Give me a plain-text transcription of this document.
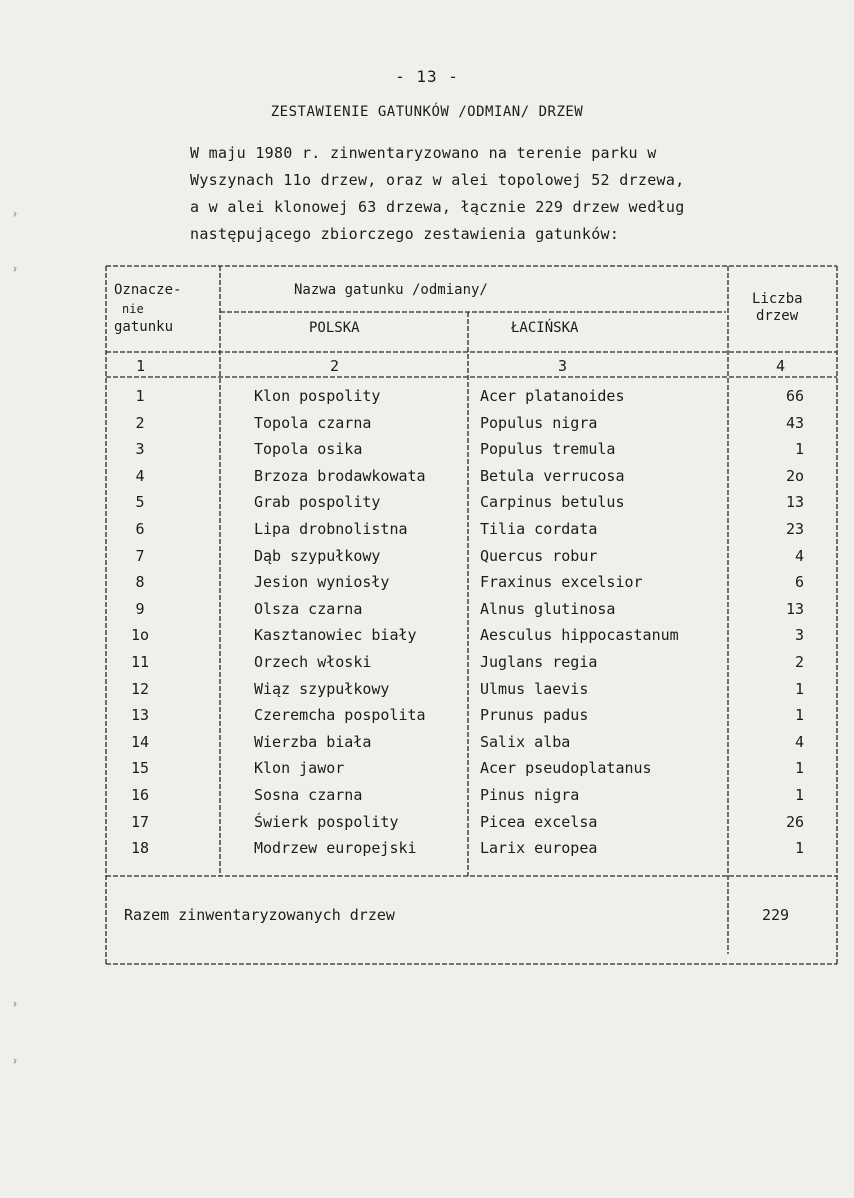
- 13 -
ZESTAWIENIE GATUNKÓW /ODMIAN/ DRZEW
W maju 1980 r. zinwentaryzowano na terenie parku w
Wyszynach 11o drzew, oraz w alei topolowej 52 drzewa,
a w alei klonowej 63 drzewa, łącznie 229 drzew według
następującego zbiorczego zestawienia gatunków:
Oznacze-
nie
gatunku
Nazwa gatunku /odmiany/
POLSKA	ŁACIŃSKA
Liczba
drzew
1	2	3	4
1	Klon pospolity	Acer platanoides	66
2	Topola czarna	Populus nigra	43
3	Topola osika	Populus tremula	1
4	Brzoza brodawkowata	Betula verrucosa	2o
5	Grab pospolity	Carpinus betulus	13
6	Lipa drobnolistna	Tilia cordata	23
7	Dąb szypułkowy	Quercus robur	4
8	Jesion wyniosły	Fraxinus excelsior	6
9	Olsza czarna	Alnus glutinosa	13
1o	Kasztanowiec biały	Aesculus hippocastanum	3
11	Orzech włoski	Juglans regia	2
12	Wiąz szypułkowy	Ulmus laevis	1
13	Czeremcha pospolita	Prunus padus	1
14	Wierzba biała	Salix alba	4
15	Klon jawor	Acer pseudoplatanus	1
16	Sosna czarna	Pinus nigra	1
17	Świerk pospolity	Picea excelsa	26
18	Modrzew europejski	Larix europea	1
Razem zinwentaryzowanych drzew	229
ˀ
ˀ
ˀ
ˀ
